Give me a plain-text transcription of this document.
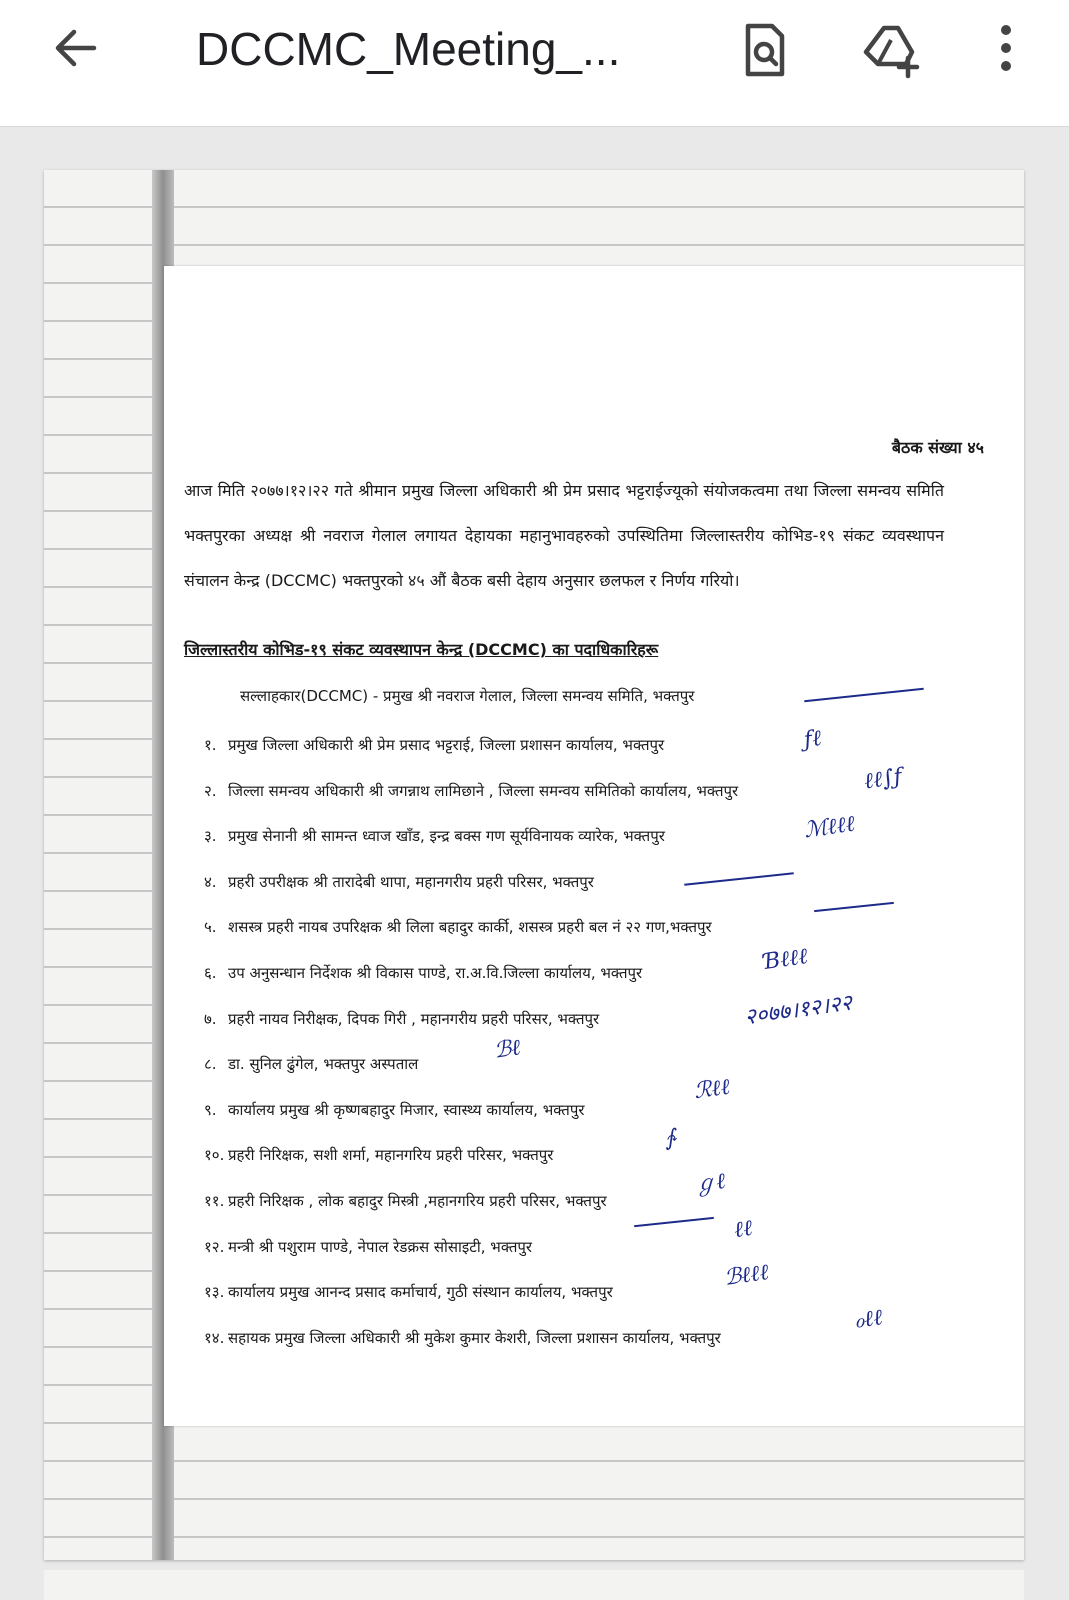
DCCMC_Meeting_...
बैठक संख्या ४५
आज मिति २०७७।१२।२२ गते श्रीमान प्रमुख जिल्ला अधिकारी श्री प्रेम प्रसाद भट्टराईज्यूको संयोजकत्वमा तथा जिल्ला समन्वय समिति भक्तपुरका अध्यक्ष श्री नवराज गेलाल लगायत देहायका महानुभावहरुको उपस्थितिमा जिल्लास्तरीय कोभिड-१९ संकट व्यवस्थापन संचालन केन्द्र (DCCMC) भक्तपुरको ४५ औं बैठक बसी देहाय अनुसार छलफल र निर्णय गरियो।
जिल्लास्तरीय कोभिड-१९ संकट व्यवस्थापन केन्द्र (DCCMC) का पदाधिकारिहरू
सल्लाहकार(DCCMC) - प्रमुख श्री नवराज गेलाल, जिल्ला समन्वय समिति, भक्तपुर
१. प्रमुख जिल्ला अधिकारी श्री प्रेम प्रसाद भट्टराई, जिल्ला प्रशासन कार्यालय, भक्तपुर
२. जिल्ला समन्वय अधिकारी श्री जगन्नाथ लामिछाने , जिल्ला समन्वय समितिको कार्यालय, भक्तपुर
३. प्रमुख सेनानी श्री सामन्त ध्वाज खाँड, इन्द्र बक्स गण सूर्यविनायक व्यारेक, भक्तपुर
४. प्रहरी उपरीक्षक श्री तारादेबी थापा, महानगरीय प्रहरी परिसर, भक्तपुर
५. शसस्त्र प्रहरी नायब उपरिक्षक श्री लिला बहादुर कार्की, शसस्त्र प्रहरी बल नं २२ गण,भक्तपुर
६. उप अनुसन्धान निर्देशक श्री विकास पाण्डे, रा.अ.वि.जिल्ला कार्यालय, भक्तपुर
७. प्रहरी नायव निरीक्षक, दिपक गिरी , महानगरीय प्रहरी परिसर, भक्तपुर
८. डा. सुनिल ढुंगेल, भक्तपुर अस्पताल
९. कार्यालय प्रमुख श्री कृष्णबहादुर मिजार, स्वास्थ्य कार्यालय, भक्तपुर
१०. प्रहरी निरिक्षक, सशी शर्मा, महानगरिय प्रहरी परिसर, भक्तपुर
११. प्रहरी निरिक्षक , लोक बहादुर मिस्त्री ,महानगरिय प्रहरी परिसर, भक्तपुर
१२. मन्त्री श्री पशुराम पाण्डे, नेपाल रेडक्रस सोसाइटी, भक्तपुर
१३. कार्यालय प्रमुख आनन्द प्रसाद कर्माचार्य, गुठी संस्थान कार्यालय, भक्तपुर
१४. सहायक प्रमुख जिल्ला अधिकारी श्री मुकेश कुमार केशरी, जिल्ला प्रशासन कार्यालय, भक्तपुर
ƒℓ
ℓℓ∫ƒ
ℳℓℓℓ
Ɓℓℓℓ
२०७७।१२।२२
ℬℓ
ℛℓℓ
∱
ℊℓ
ℓℓ
ℬℓℓℓ
ℴℓℓ
